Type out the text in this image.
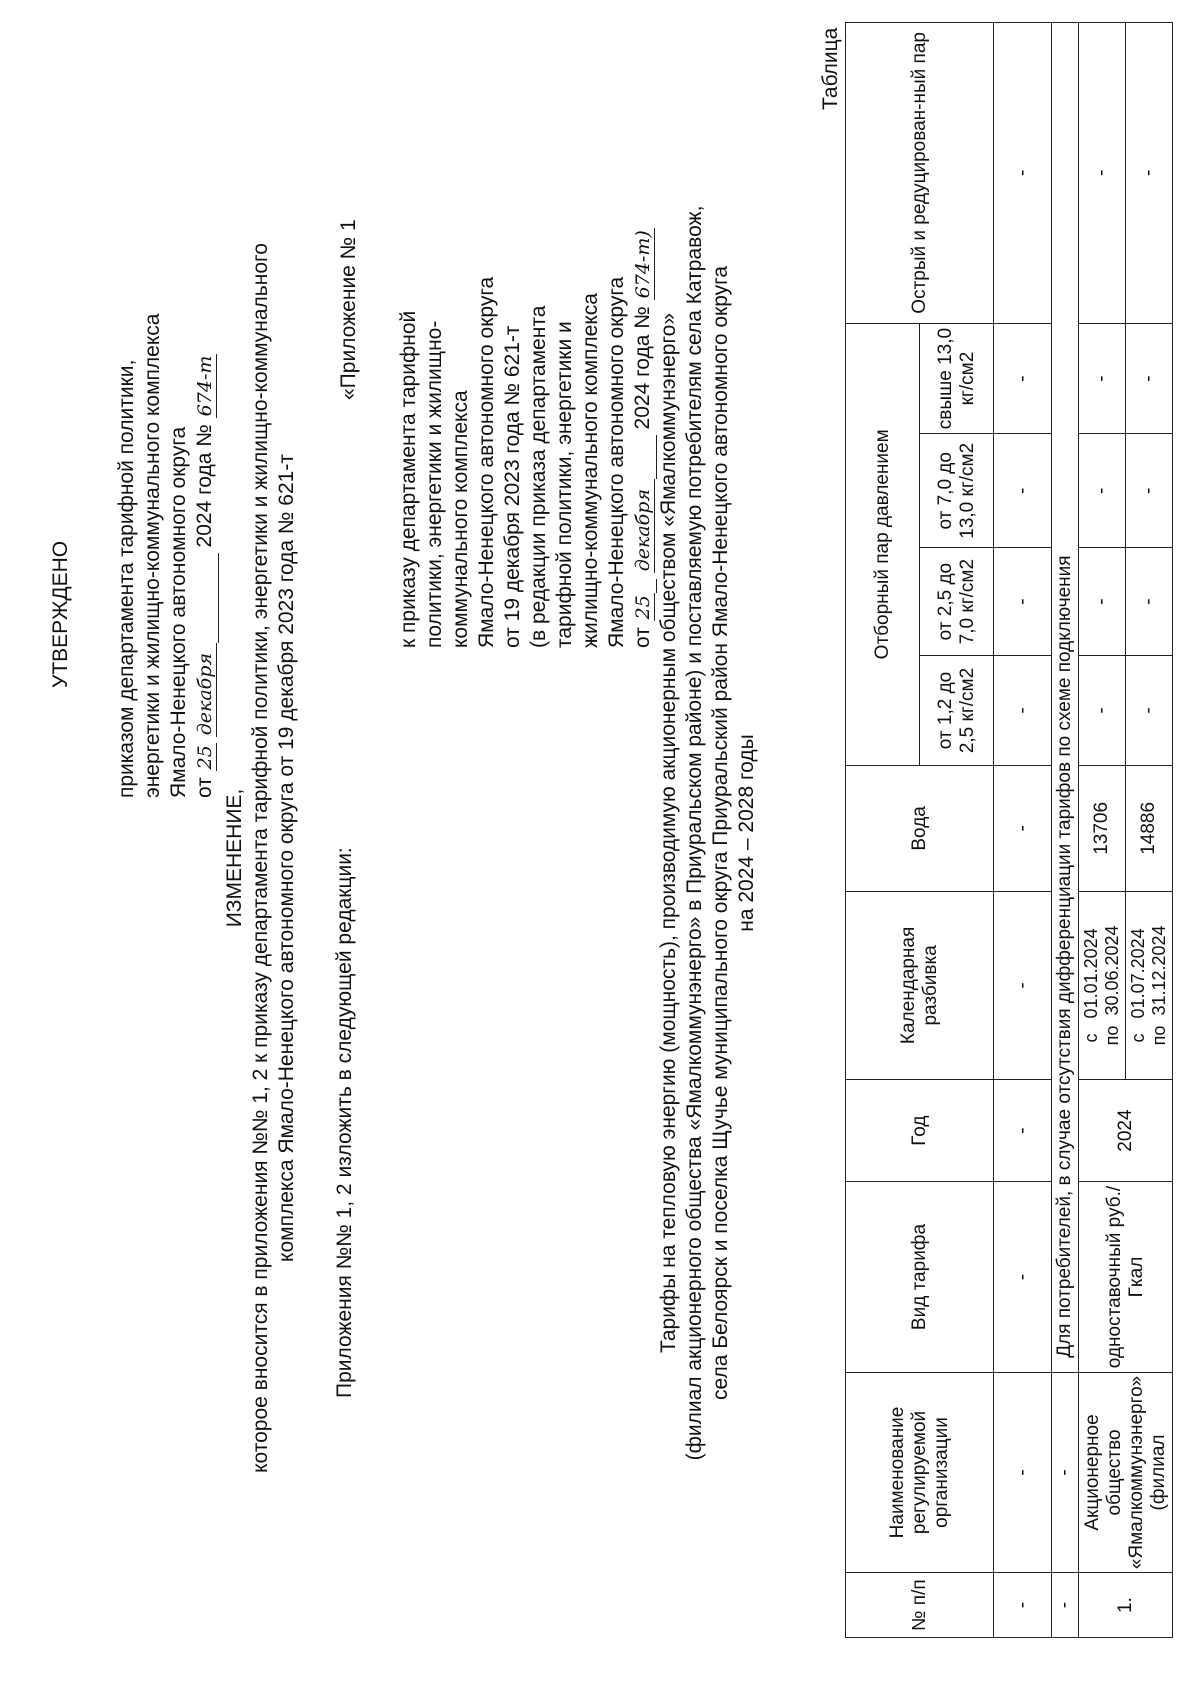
УТВЕРЖДЕНО приказом департамента тарифной политики, энергетики и жилищно-коммунального комплекса Ямало-Ненецкого автономного округа от 25 декабря  2024 года № 674-т
ИЗМЕНЕНИЕ, которое вносится в приложения №№ 1, 2 к приказу департамента тарифной политики, энергетики и жилищно-коммунального комплекса Ямало-Ненецкого автономного округа от 19 декабря 2023 года № 621-т Приложения №№ 1, 2 изложить в следующей редакции:
«Приложение № 1
к приказу департамента тарифной политики, энергетики и жилищно- коммунального комплекса Ямало-Ненецкого автономного округа от 19 декабря 2023 года № 621-т (в редакции приказа департамента тарифной политики, энергетики и жилищно-коммунального комплекса Ямало-Ненецкого автономного округа от 25  декабря  2024 года № 674-т)
Тарифы на тепловую энергию (мощность), производимую акционерным обществом «Ямалкоммунэнерго» (филиал акционерного общества «Ямалкоммунэнерго» в Приуральском районе) и поставляемую потребителям села Катравож, села Белоярск и поселка Щучье муниципального округа Приуральский район Ямало-Ненецкого автономного округа на 2024 – 2028 годы
Таблица
№ п/п	Наименование регулируемой организации	Вид тарифа	Год	Календарная разбивка	Вода	Отборный пар давлением				Острый и редуцирован-ный пар
						от 1,2 до 2,5 кг/см2	от 2,5 до 7,0 кг/см2	от 7,0 до 13,0 кг/см2	свыше 13,0 кг/см2	
-	-	-	-	-	-	-	-	-	-	-
-	-	Для потребителей, в случае отсутствия дифференциации тарифов по схеме подключения								
1.	Акционерное общество «Ямалкоммунэнерго» (филиал	одноставочный руб./Гкал	2024	с   01.01.2024
по  30.06.2024	13706	-	-	-	-	-

				с   01.07.2024
по  31.12.2024	14886	-	-	-	-	-
